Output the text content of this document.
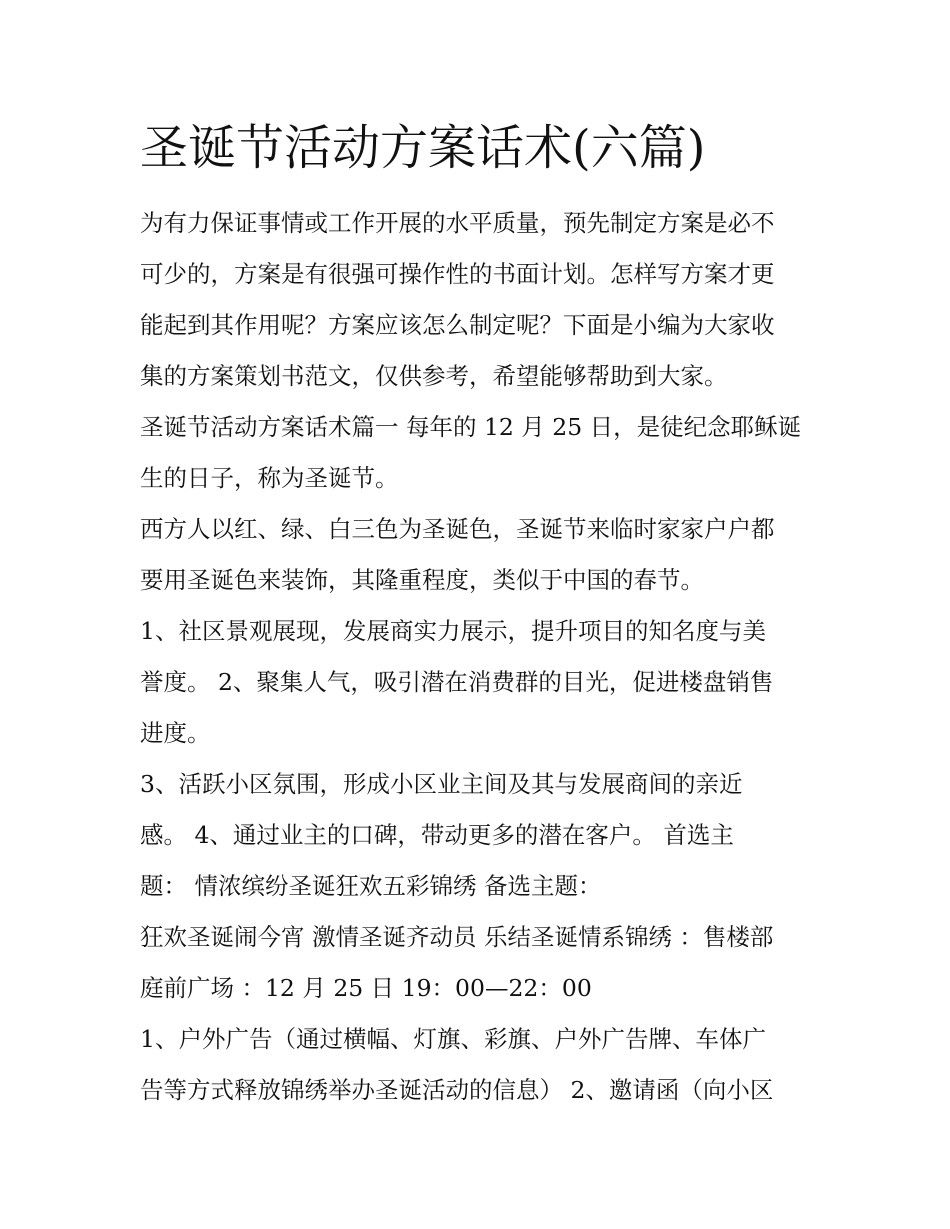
圣诞节活动方案话术(六篇)

为有力保证事情或工作开展的水平质量，预先制定方案是必不
可少的，方案是有很强可操作性的书面计划。怎样写方案才更
能起到其作用呢？方案应该怎么制定呢？下面是小编为大家收
集的方案策划书范文，仅供参考，希望能够帮助到大家。

圣诞节活动方案话术篇一 每年的 12 月 25 日，是徒纪念耶稣诞
生的日子，称为圣诞节。

西方人以红、绿、白三色为圣诞色，圣诞节来临时家家户户都
要用圣诞色来装饰，其隆重程度，类似于中国的春节。

1、社区景观展现，发展商实力展示，提升项目的知名度与美
誉度。 2、聚集人气，吸引潜在消费群的目光，促进楼盘销售
进度。

3、活跃小区氛围，形成小区业主间及其与发展商间的亲近
感。 4、通过业主的口碑，带动更多的潜在客户。 首选主
题： 情浓缤纷圣诞狂欢五彩锦绣 备选主题：

狂欢圣诞闹今宵 激情圣诞齐动员 乐结圣诞情系锦绣 ：售楼部
庭前广场 ：12 月 25 日 19：00—22：00

1、户外广告（通过横幅、灯旗、彩旗、户外广告牌、车体广
告等方式释放锦绣举办圣诞活动的信息） 2、邀请函（向小区
